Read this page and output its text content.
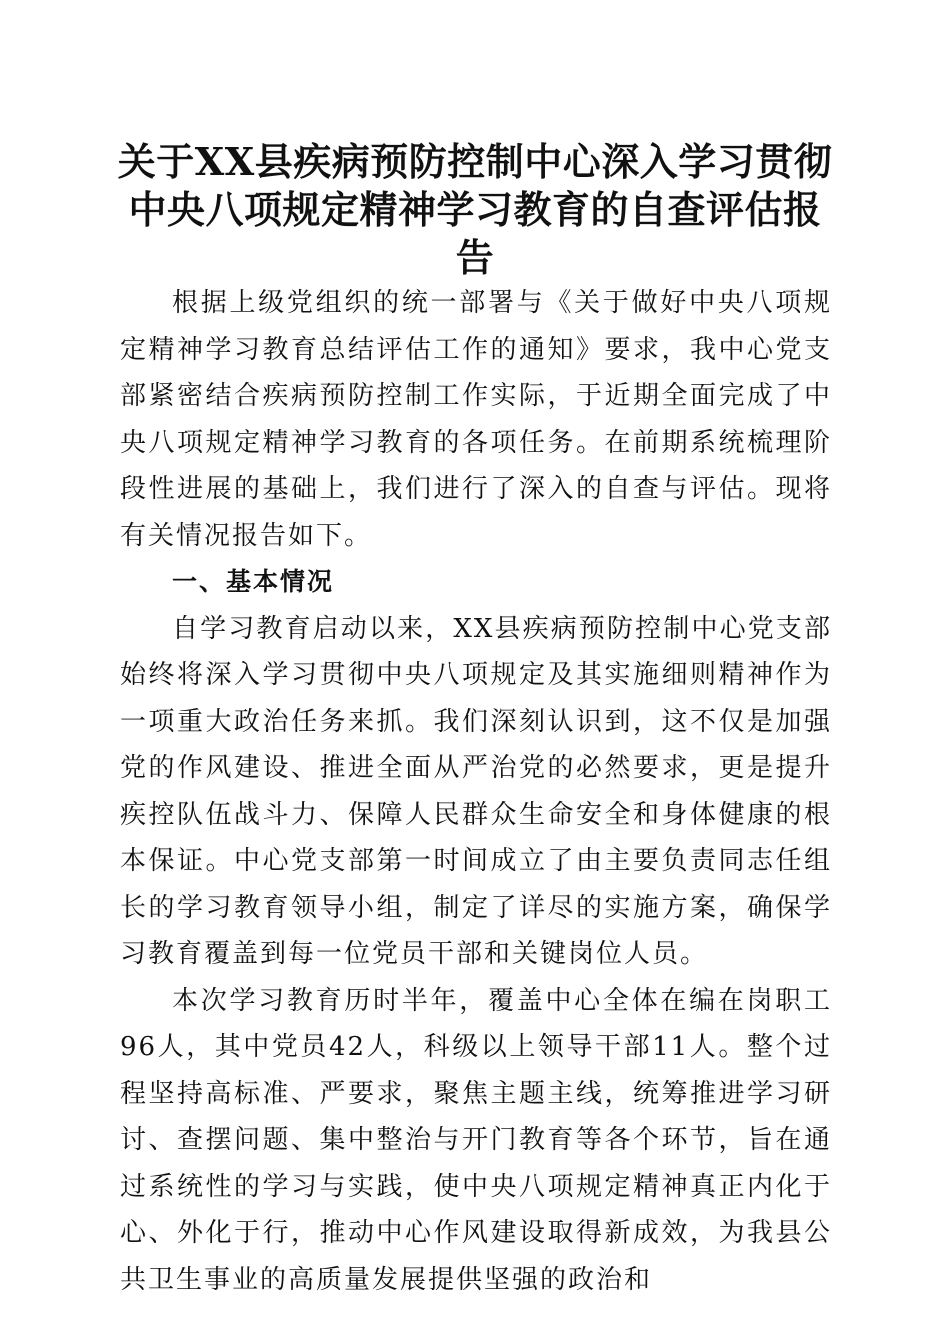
关于XX县疾病预防控制中心深入学习贯彻中央八项规定精神学习教育的自查评估报告

根据上级党组织的统一部署与《关于做好中央八项规定精神学习教育总结评估工作的通知》要求，我中心党支部紧密结合疾病预防控制工作实际，于近期全面完成了中央八项规定精神学习教育的各项任务。在前期系统梳理阶段性进展的基础上，我们进行了深入的自查与评估。现将有关情况报告如下。

一、基本情况

自学习教育启动以来，XX县疾病预防控制中心党支部始终将深入学习贯彻中央八项规定及其实施细则精神作为一项重大政治任务来抓。我们深刻认识到，这不仅是加强党的作风建设、推进全面从严治党的必然要求，更是提升疾控队伍战斗力、保障人民群众生命安全和身体健康的根本保证。中心党支部第一时间成立了由主要负责同志任组长的学习教育领导小组，制定了详尽的实施方案，确保学习教育覆盖到每一位党员干部和关键岗位人员。

本次学习教育历时半年，覆盖中心全体在编在岗职工96人，其中党员42人，科级以上领导干部11人。整个过程坚持高标准、严要求，聚焦主题主线，统筹推进学习研讨、查摆问题、集中整治与开门教育等各个环节，旨在通过系统性的学习与实践，使中央八项规定精神真正内化于心、外化于行，推动中心作风建设取得新成效，为我县公共卫生事业的高质量发展提供坚强的政治和
